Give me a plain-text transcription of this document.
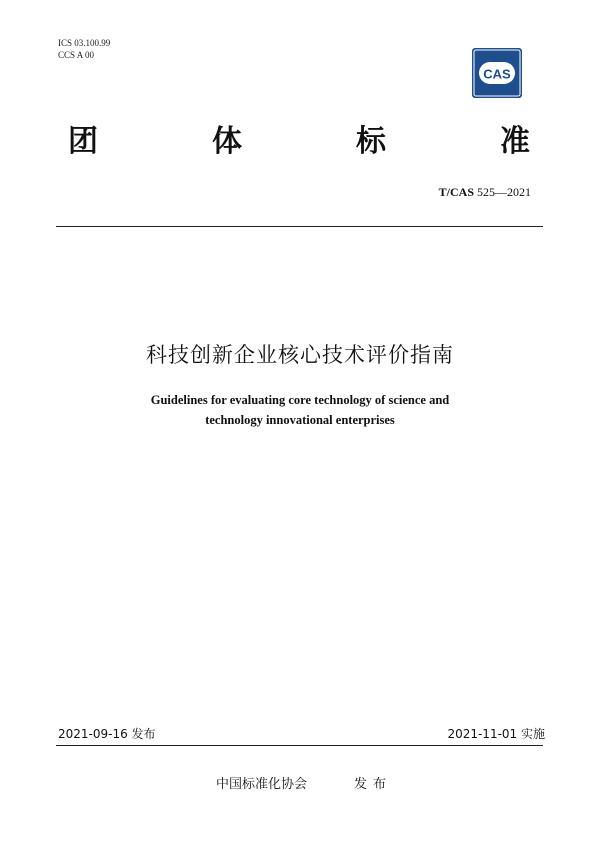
ICS 03.100.99
CCS A 00
CAS
团	体	标	准
T/CAS 525—2021
科技创新企业核心技术评价指南
Guidelines for evaluating core technology of science and
technology innovational enterprises
2021-09-16 发布	2021-11-01 实施
中国标准化协会	发布
